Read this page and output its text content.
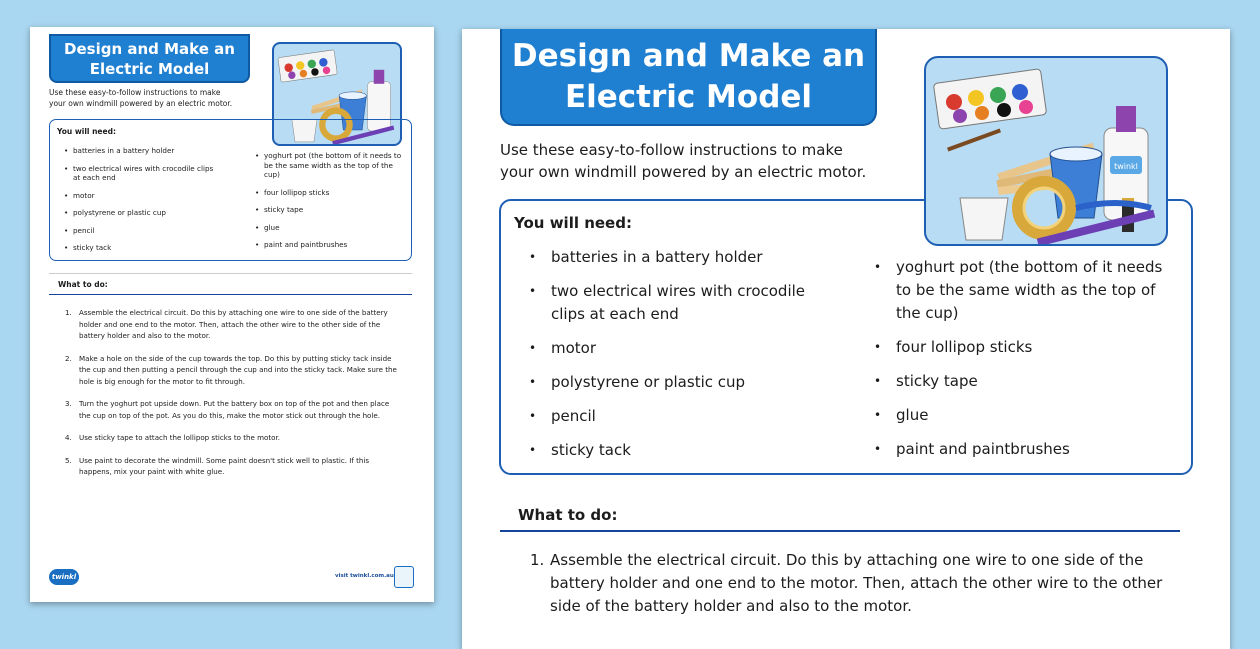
Design and Make an
Electric Model
Use these easy-to-follow instructions to make
your own windmill powered by an electric motor.
You will need:
• batteries in a battery holder
• two electrical wires with crocodile clips at each end
• motor
• polystyrene or plastic cup
• pencil
• sticky tack
• yoghurt pot (the bottom of it needs to be the same width as the top of the cup)
• four lollipop sticks
• sticky tape
• glue
• paint and paintbrushes
What to do:
1. Assemble the electrical circuit. Do this by attaching one wire to one side of the battery holder and one end to the motor. Then, attach the other wire to the other side of the battery holder and also to the motor.
2. Make a hole on the side of the cup towards the top. Do this by putting sticky tack inside the cup and then putting a pencil through the cup and into the sticky tack. Make sure the hole is big enough for the motor to fit through.
3. Turn the yoghurt pot upside down. Put the battery box on top of the pot and then place the cup on top of the pot. As you do this, make the motor stick out through the hole.
4. Use sticky tape to attach the lollipop sticks to the motor.
5. Use paint to decorate the windmill. Some paint doesn't stick well to plastic. If this happens, mix your paint with white glue.
twinkl	visit twinkl.com.au
Design and Make an
Electric Model
twinkl
Use these easy-to-follow instructions to make
your own windmill powered by an electric motor.
You will need:
• batteries in a battery holder
• two electrical wires with crocodile clips at each end
• motor
• polystyrene or plastic cup
• pencil
• sticky tack
• yoghurt pot (the bottom of it needs to be the same width as the top of the cup)
• four lollipop sticks
• sticky tape
• glue
• paint and paintbrushes
What to do:
1. Assemble the electrical circuit. Do this by attaching one wire to one side of the battery holder and one end to the motor. Then, attach the other wire to the other side of the battery holder and also to the motor.
